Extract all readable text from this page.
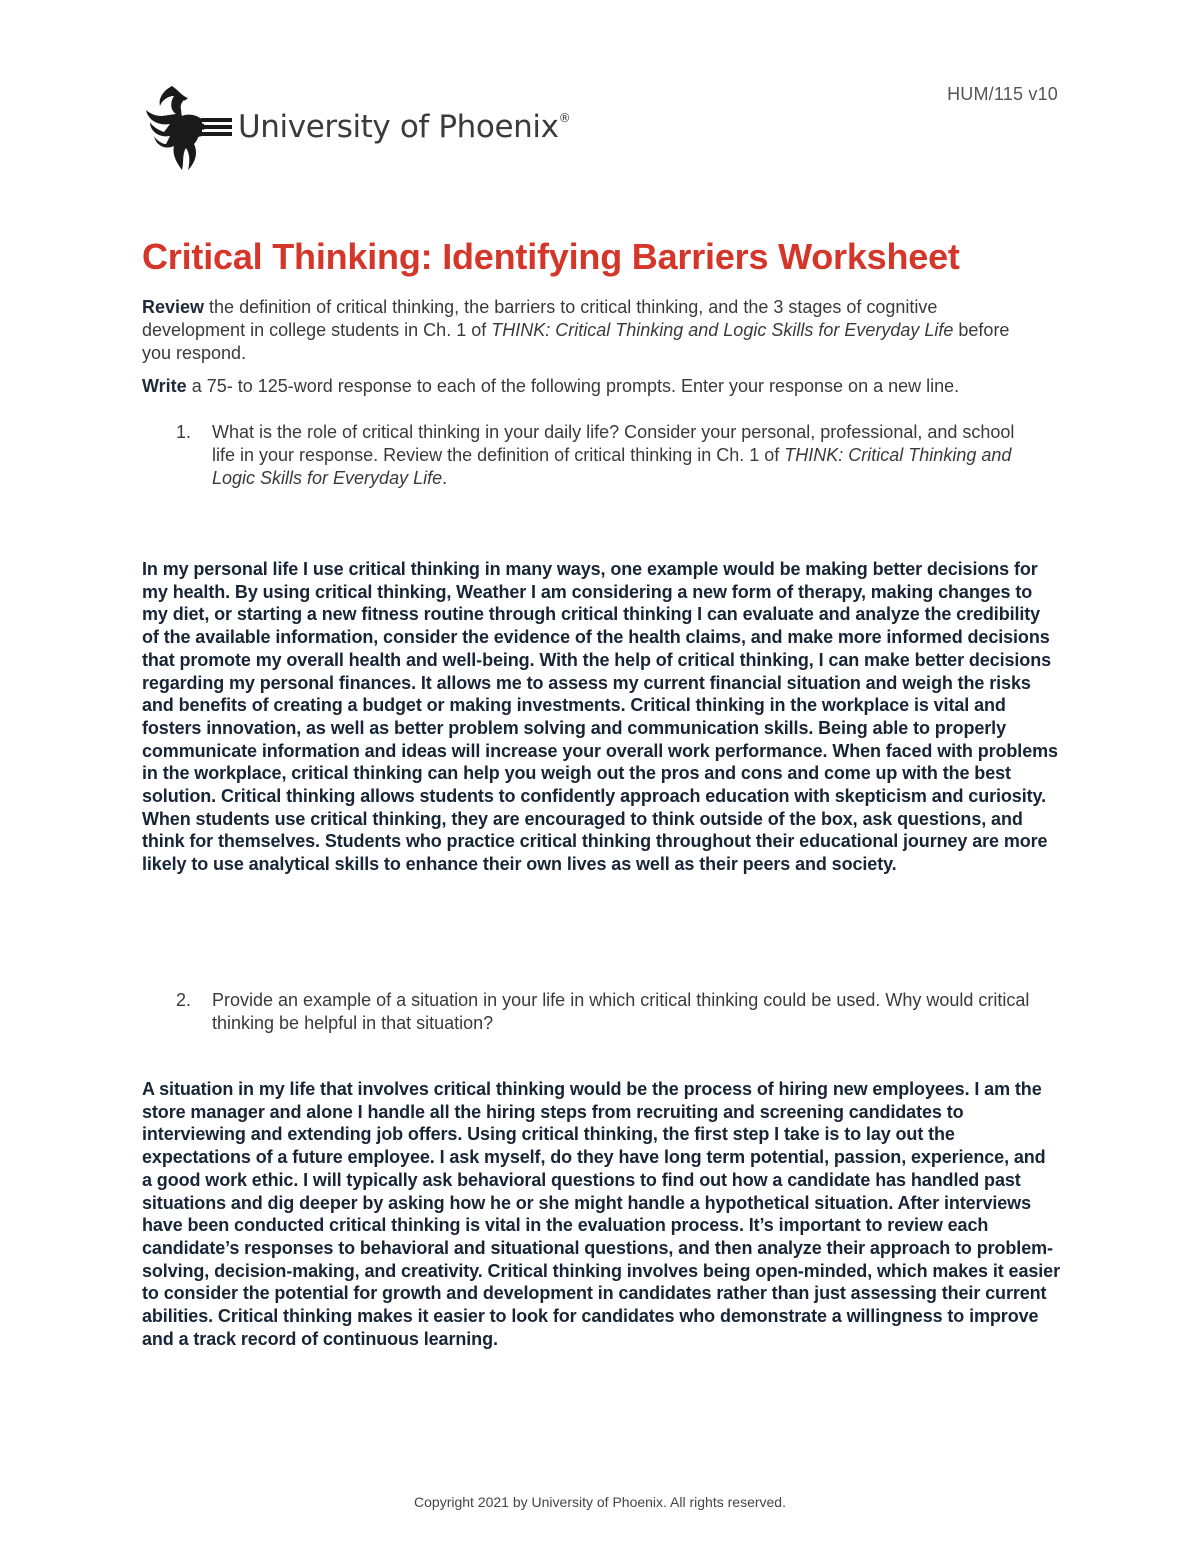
HUM/115 v10
University of Phoenix®
Critical Thinking: Identifying Barriers Worksheet
Review the definition of critical thinking, the barriers to critical thinking, and the 3 stages of cognitive development in college students in Ch. 1 of THINK: Critical Thinking and Logic Skills for Everyday Life before you respond.
Write a 75- to 125-word response to each of the following prompts. Enter your response on a new line.
1.	What is the role of critical thinking in your daily life? Consider your personal, professional, and school life in your response. Review the definition of critical thinking in Ch. 1 of THINK: Critical Thinking and Logic Skills for Everyday Life.
In my personal life I use critical thinking in many ways, one example would be making better decisions for my health. By using critical thinking, Weather I am considering a new form of therapy, making changes to my diet, or starting a new fitness routine through critical thinking I can evaluate and analyze the credibility of the available information, consider the evidence of the health claims, and make more informed decisions that promote my overall health and well-being. With the help of critical thinking, I can make better decisions regarding my personal finances. It allows me to assess my current financial situation and weigh the risks and benefits of creating a budget or making investments. Critical thinking in the workplace is vital and fosters innovation, as well as better problem solving and communication skills. Being able to properly communicate information and ideas will increase your overall work performance. When faced with problems in the workplace, critical thinking can help you weigh out the pros and cons and come up with the best solution. Critical thinking allows students to confidently approach education with skepticism and curiosity. When students use critical thinking, they are encouraged to think outside of the box, ask questions, and think for themselves. Students who practice critical thinking throughout their educational journey are more likely to use analytical skills to enhance their own lives as well as their peers and society.
2.	Provide an example of a situation in your life in which critical thinking could be used. Why would critical thinking be helpful in that situation?
A situation in my life that involves critical thinking would be the process of hiring new employees. I am the store manager and alone I handle all the hiring steps from recruiting and screening candidates to interviewing and extending job offers. Using critical thinking, the first step I take is to lay out the expectations of a future employee. I ask myself, do they have long term potential, passion, experience, and a good work ethic. I will typically ask behavioral questions to find out how a candidate has handled past situations and dig deeper by asking how he or she might handle a hypothetical situation. After interviews have been conducted critical thinking is vital in the evaluation process. It’s important to review each candidate’s responses to behavioral and situational questions, and then analyze their approach to problem-solving, decision-making, and creativity. Critical thinking involves being open-minded, which makes it easier to consider the potential for growth and development in candidates rather than just assessing their current abilities. Critical thinking makes it easier to look for candidates who demonstrate a willingness to improve and a track record of continuous learning.
Copyright 2021 by University of Phoenix. All rights reserved.
